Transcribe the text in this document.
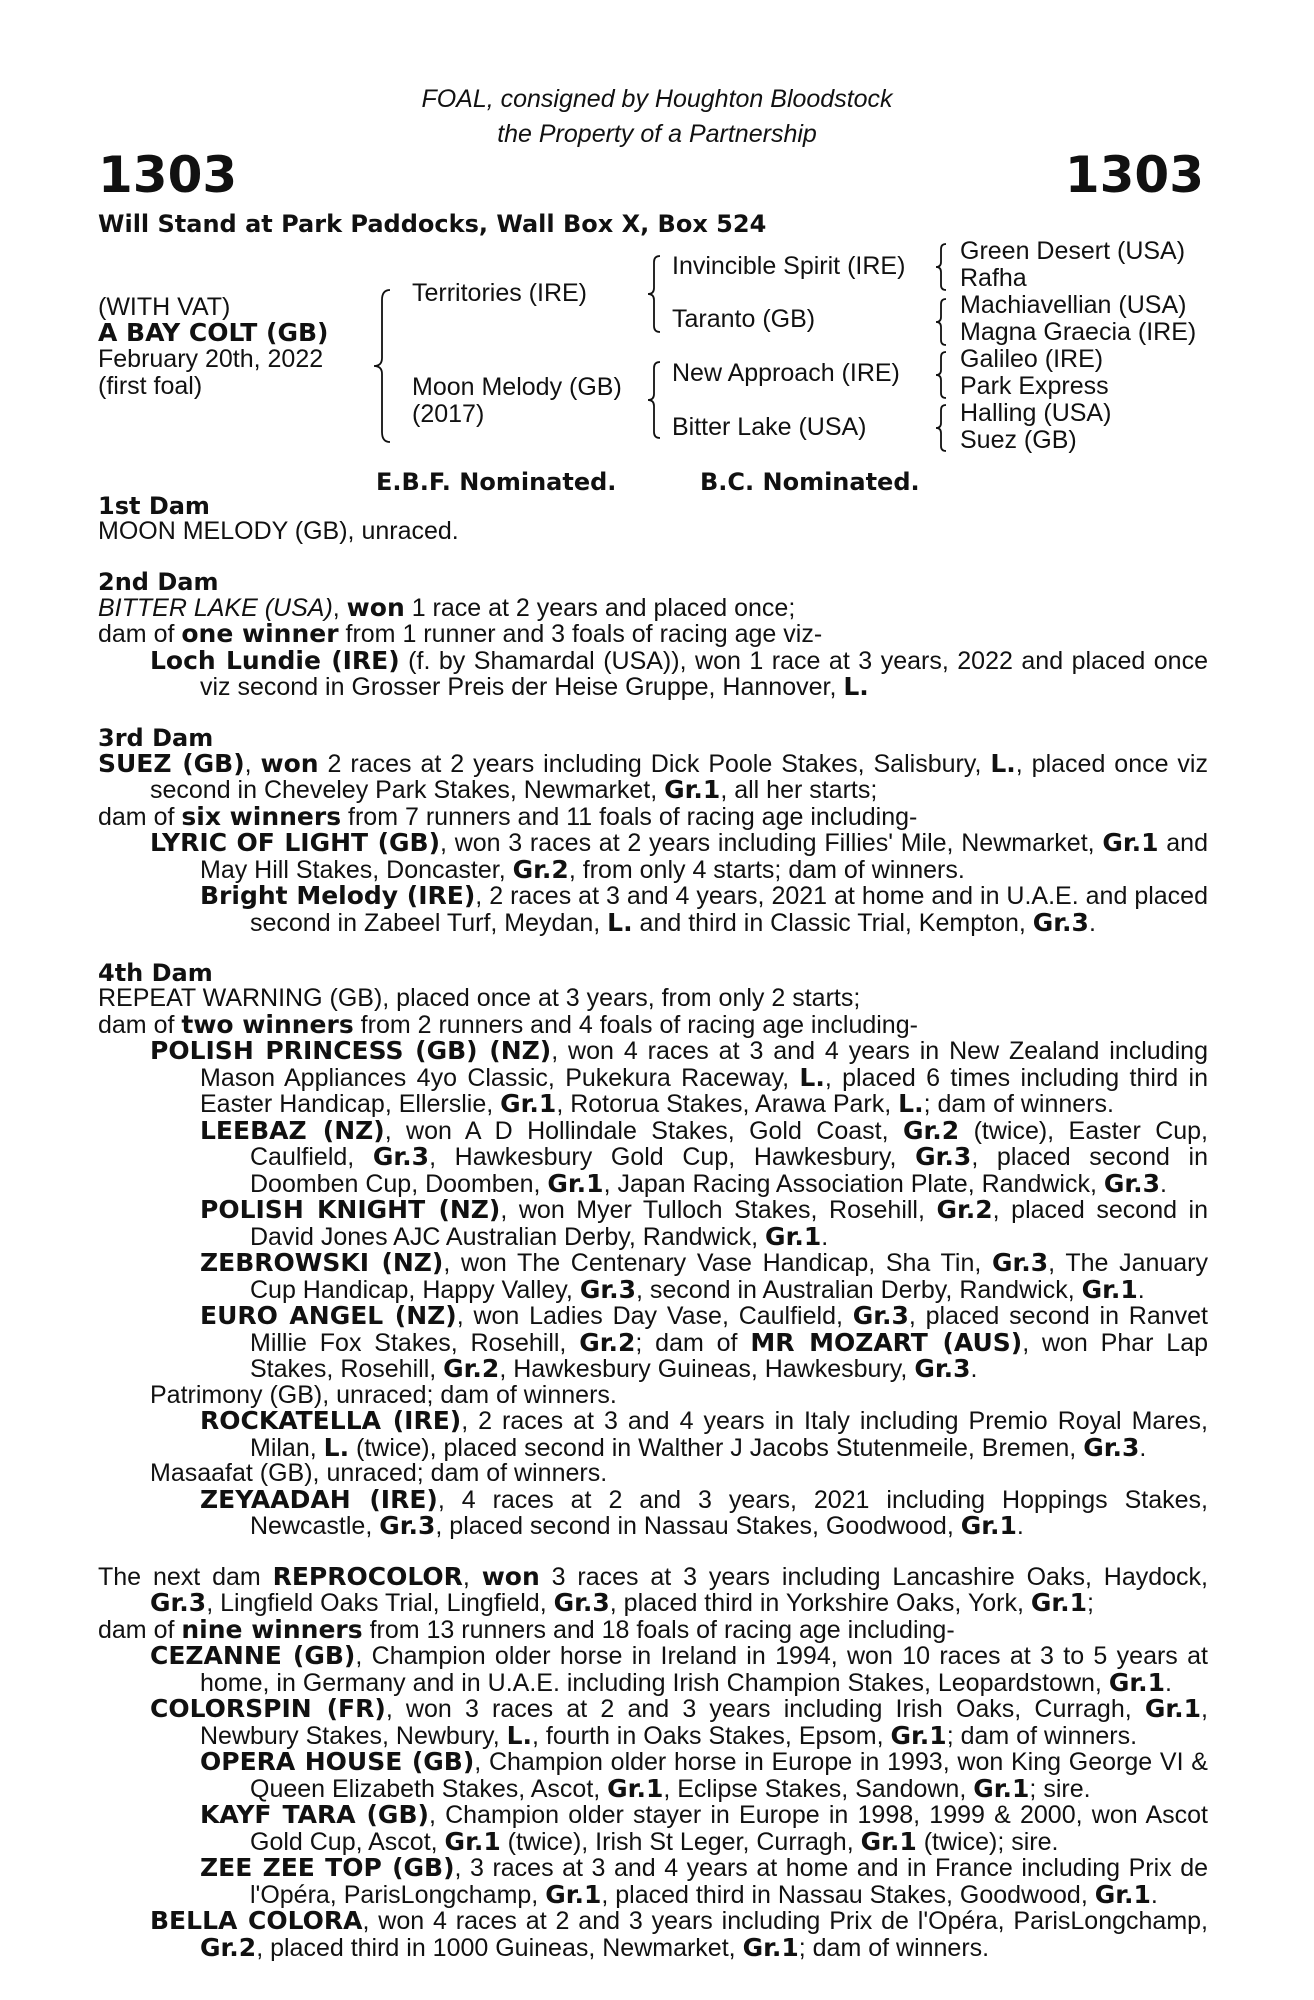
FOAL, consigned by Houghton Bloodstock
the Property of a Partnership
1303	1303
Will Stand at Park Paddocks, Wall Box X, Box 524
(WITH VAT)
A BAY COLT (GB)
February 20th, 2022
(first foal)
Territories (IRE)
Moon Melody (GB)
(2017)
Invincible Spirit (IRE)
Taranto (GB)
New Approach (IRE)
Bitter Lake (USA)
Green Desert (USA)
Rafha
Machiavellian (USA)
Magna Graecia (IRE)
Galileo (IRE)
Park Express
Halling (USA)
Suez (GB)
E.B.F. Nominated.	B.C. Nominated.
1st Dam
MOON MELODY (GB), unraced.
2nd Dam
BITTER LAKE (USA), won 1 race at 2 years and placed once;
dam of one winner from 1 runner and 3 foals of racing age viz-
Loch Lundie (IRE) (f. by Shamardal (USA)), won 1 race at 3 years, 2022 and placed once viz second in Grosser Preis der Heise Gruppe, Hannover, L.
3rd Dam
SUEZ (GB), won 2 races at 2 years including Dick Poole Stakes, Salisbury, L., placed once viz second in Cheveley Park Stakes, Newmarket, Gr.1, all her starts;
dam of six winners from 7 runners and 11 foals of racing age including-
LYRIC OF LIGHT (GB), won 3 races at 2 years including Fillies' Mile, Newmarket, Gr.1 and May Hill Stakes, Doncaster, Gr.2, from only 4 starts; dam of winners.
Bright Melody (IRE), 2 races at 3 and 4 years, 2021 at home and in U.A.E. and placed second in Zabeel Turf, Meydan, L. and third in Classic Trial, Kempton, Gr.3.
4th Dam
REPEAT WARNING (GB), placed once at 3 years, from only 2 starts;
dam of two winners from 2 runners and 4 foals of racing age including-
POLISH PRINCESS (GB) (NZ), won 4 races at 3 and 4 years in New Zealand including Mason Appliances 4yo Classic, Pukekura Raceway, L., placed 6 times including third in Easter Handicap, Ellerslie, Gr.1, Rotorua Stakes, Arawa Park, L.; dam of winners.
LEEBAZ (NZ), won A D Hollindale Stakes, Gold Coast, Gr.2 (twice), Easter Cup, Caulfield, Gr.3, Hawkesbury Gold Cup, Hawkesbury, Gr.3, placed second in Doomben Cup, Doomben, Gr.1, Japan Racing Association Plate, Randwick, Gr.3.
POLISH KNIGHT (NZ), won Myer Tulloch Stakes, Rosehill, Gr.2, placed second in David Jones AJC Australian Derby, Randwick, Gr.1.
ZEBROWSKI (NZ), won The Centenary Vase Handicap, Sha Tin, Gr.3, The January Cup Handicap, Happy Valley, Gr.3, second in Australian Derby, Randwick, Gr.1.
EURO ANGEL (NZ), won Ladies Day Vase, Caulfield, Gr.3, placed second in Ranvet Millie Fox Stakes, Rosehill, Gr.2; dam of MR MOZART (AUS), won Phar Lap Stakes, Rosehill, Gr.2, Hawkesbury Guineas, Hawkesbury, Gr.3.
Patrimony (GB), unraced; dam of winners.
ROCKATELLA (IRE), 2 races at 3 and 4 years in Italy including Premio Royal Mares, Milan, L. (twice), placed second in Walther J Jacobs Stutenmeile, Bremen, Gr.3.
Masaafat (GB), unraced; dam of winners.
ZEYAADAH (IRE), 4 races at 2 and 3 years, 2021 including Hoppings Stakes, Newcastle, Gr.3, placed second in Nassau Stakes, Goodwood, Gr.1.
The next dam REPROCOLOR, won 3 races at 3 years including Lancashire Oaks, Haydock, Gr.3, Lingfield Oaks Trial, Lingfield, Gr.3, placed third in Yorkshire Oaks, York, Gr.1;
dam of nine winners from 13 runners and 18 foals of racing age including-
CEZANNE (GB), Champion older horse in Ireland in 1994, won 10 races at 3 to 5 years at home, in Germany and in U.A.E. including Irish Champion Stakes, Leopardstown, Gr.1.
COLORSPIN (FR), won 3 races at 2 and 3 years including Irish Oaks, Curragh, Gr.1, Newbury Stakes, Newbury, L., fourth in Oaks Stakes, Epsom, Gr.1; dam of winners.
OPERA HOUSE (GB), Champion older horse in Europe in 1993, won King George VI & Queen Elizabeth Stakes, Ascot, Gr.1, Eclipse Stakes, Sandown, Gr.1; sire.
KAYF TARA (GB), Champion older stayer in Europe in 1998, 1999 & 2000, won Ascot Gold Cup, Ascot, Gr.1 (twice), Irish St Leger, Curragh, Gr.1 (twice); sire.
ZEE ZEE TOP (GB), 3 races at 3 and 4 years at home and in France including Prix de l'Opéra, ParisLongchamp, Gr.1, placed third in Nassau Stakes, Goodwood, Gr.1.
BELLA COLORA, won 4 races at 2 and 3 years including Prix de l'Opéra, ParisLongchamp, Gr.2, placed third in 1000 Guineas, Newmarket, Gr.1; dam of winners.
